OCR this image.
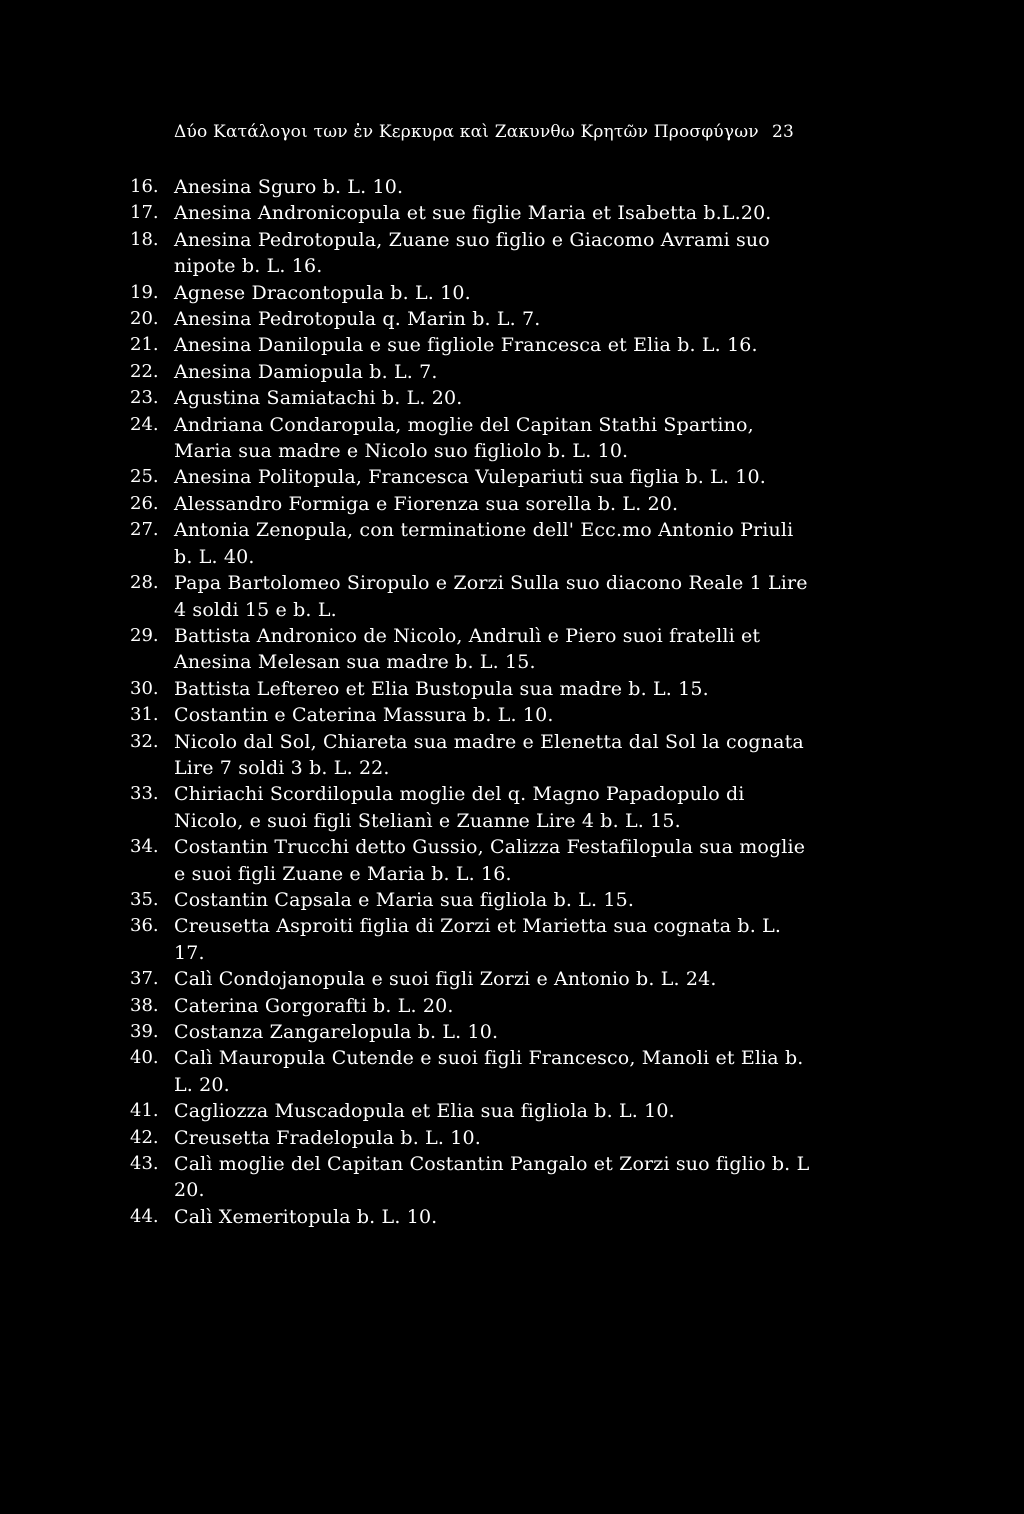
Δύο Κατάλογοι των ἐν Κερκυρα καὶ Ζακυνθω Κρητῶν Προσφύγων 23
16. Anesina Sguro b. L. 10.
17. Anesina Andronicopula et sue figlie Maria et Isabetta b.L.20.
18. Anesina Pedrotopula, Zuane suo figlio e Giacomo Avrami suo nipote b. L. 16.
19. Agnese Dracontopula b. L. 10.
20. Anesina Pedrotopula q. Marin b. L. 7.
21. Anesina Danilopula e sue figliole Francesca et Elia b. L. 16.
22. Anesina Damiopula b. L. 7.
23. Agustina Samiatachi b. L. 20.
24. Andriana Condaropula, moglie del Capitan Stathi Spartino, Maria sua madre e Nicolo suo figliolo b. L. 10.
25. Anesina Politopula, Francesca Vulepariuti sua figlia b. L. 10.
26. Alessandro Formiga e Fiorenza sua sorella b. L. 20.
27. Antonia Zenopula, con terminatione dell' Ecc.mo Antonio Priuli b. L. 40.
28. Papa Bartolomeo Siropulo e Zorzi Sulla suo diacono Reale 1 Lire 4 soldi 15 e b. L.
29. Battista Andronico de Nicolo, Andrulì e Piero suoi fratelli et Anesina Melesan sua madre b. L. 15.
30. Battista Leftereo et Elia Bustopula sua madre b. L. 15.
31. Costantin e Caterina Massura b. L. 10.
32. Nicolo dal Sol, Chiareta sua madre e Elenetta dal Sol la cognata Lire 7 soldi 3 b. L. 22.
33. Chiriachi Scordilopula moglie del q. Magno Papadopulo di Nicolo, e suoi figli Stelianì e Zuanne Lire 4 b. L. 15.
34. Costantin Trucchi detto Gussio, Calizza Festafilopula sua moglie e suoi figli Zuane e Maria b. L. 16.
35. Costantin Capsala e Maria sua figliola b. L. 15.
36. Creusetta Asproiti figlia di Zorzi et Marietta sua cognata b. L. 17.
37. Calì Condojanopula e suoi figli Zorzi e Antonio b. L. 24.
38. Caterina Gorgorafti b. L. 20.
39. Costanza Zangarelopula b. L. 10.
40. Calì Mauropula Cutende e suoi figli Francesco, Manoli et Elia b. L. 20.
41. Cagliozza Muscadopula et Elia sua figliola b. L. 10.
42. Creusetta Fradelopula b. L. 10.
43. Calì moglie del Capitan Costantin Pangalo et Zorzi suo figlio b. L 20.
44. Calì Xemeritopula b. L. 10.
